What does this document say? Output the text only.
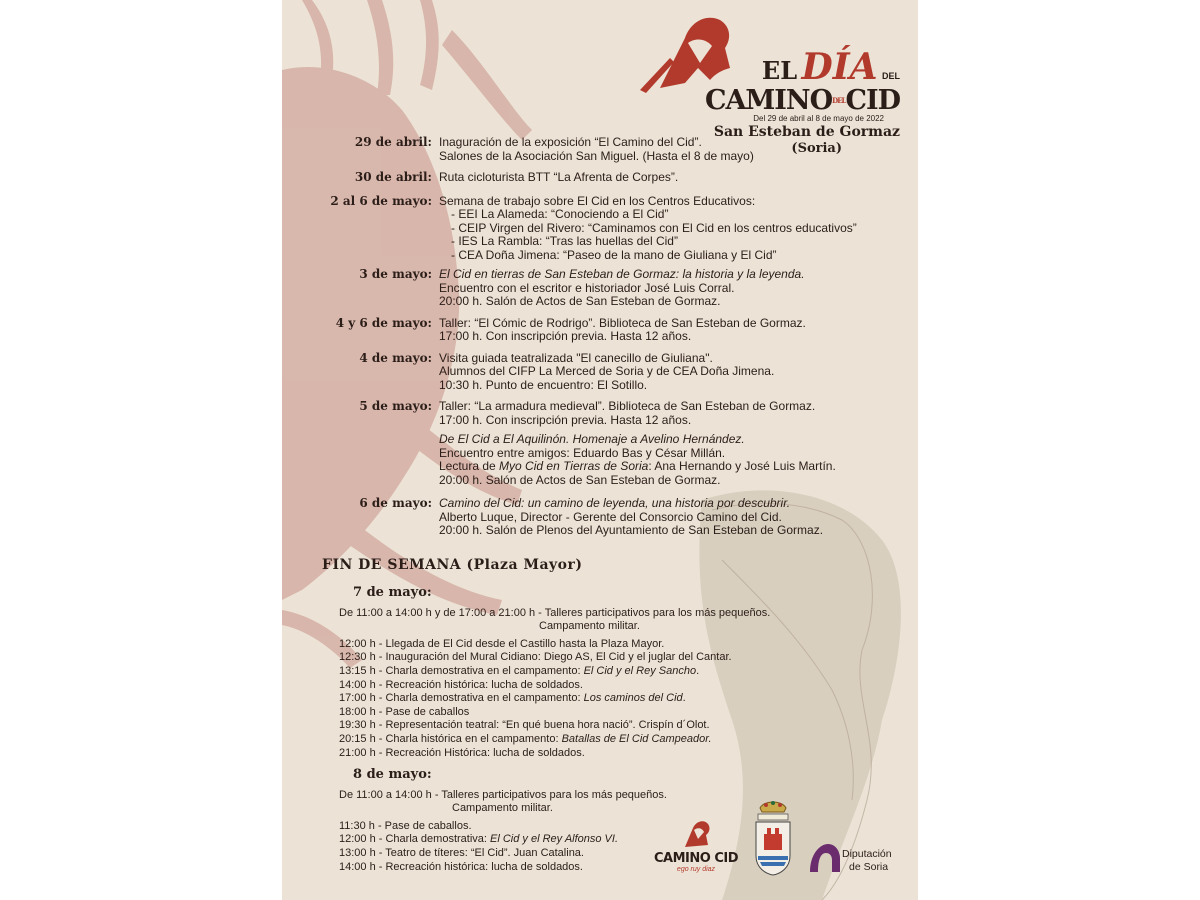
EL DÍA DEL
$CAMINO^{DEL}CID$
Del 29 de abril al 8 de mayo de 2022
San Esteban de Gormaz
(Soria)
29 de abril: Inaguración de la exposición “El Camino del Cid”.
Salones de la Asociación San Miguel. (Hasta el 8 de mayo)
30 de abril: Ruta cicloturista BTT “La Afrenta de Corpes”.
2 al 6 de mayo: Semana de trabajo sobre El Cid en los Centros Educativos:
- EEI La Alameda: “Conociendo a El Cid”
- CEIP Virgen del Rivero: “Caminamos con El Cid en los centros educativos”
- IES La Rambla: “Tras las huellas del Cid”
- CEA Doña Jimena: “Paseo de la mano de Giuliana y El Cid”
3 de mayo: El Cid en tierras de San Esteban de Gormaz: la historia y la leyenda.
Encuentro con el escritor e historiador José Luis Corral.
20:00 h. Salón de Actos de San Esteban de Gormaz.
4 y 6 de mayo: Taller: “El Cómic de Rodrigo”. Biblioteca de San Esteban de Gormaz.
17:00 h. Con inscripción previa. Hasta 12 años.
4 de mayo: Visita guiada teatralizada "El canecillo de Giuliana".
Alumnos del CIFP La Merced de Soria y de CEA Doña Jimena.
10:30 h. Punto de encuentro: El Sotillo.
5 de mayo: Taller: “La armadura medieval”. Biblioteca de San Esteban de Gormaz.
17:00 h. Con inscripción previa. Hasta 12 años.
De El Cid a El Aquilinón. Homenaje a Avelino Hernández.
Encuentro entre amigos: Eduardo Bas y César Millán.
Lectura de Myo Cid en Tierras de Soria: Ana Hernando y José Luis Martín.
20:00 h. Salón de Actos de San Esteban de Gormaz.
6 de mayo: Camino del Cid: un camino de leyenda, una historia por descubrir.
Alberto Luque, Director - Gerente del Consorcio Camino del Cid.
20:00 h. Salón de Plenos del Ayuntamiento de San Esteban de Gormaz.
FIN DE SEMANA (Plaza Mayor)
7 de mayo:
De 11:00 a 14:00 h y de 17:00 a 21:00 h - Talleres participativos para los más pequeños.
Campamento militar.
12:00 h - Llegada de El Cid desde el Castillo hasta la Plaza Mayor.
12:30 h - Inauguración del Mural Cidiano: Diego AS, El Cid y el juglar del Cantar.
13:15 h - Charla demostrativa en el campamento: El Cid y el Rey Sancho.
14:00 h - Recreación histórica: lucha de soldados.
17:00 h - Charla demostrativa en el campamento: Los caminos del Cid.
18:00 h - Pase de caballos
19:30 h - Representación teatral: “En qué buena hora nació”. Crispín d´Olot.
20:15 h - Charla histórica en el campamento: Batallas de El Cid Campeador.
21:00 h - Recreación Histórica: lucha de soldados.
8 de mayo:
De 11:00 a 14:00 h - Talleres participativos para los más pequeños.
Campamento militar.
11:30 h - Pase de caballos.
12:00 h - Charla demostrativa: El Cid y el Rey Alfonso VI.
13:00 h - Teatro de títeres: “El Cid”. Juan Catalina.
14:00 h - Recreación histórica: lucha de soldados.
CAMINO CID
ego ruy diaz
Diputación
de Soria
